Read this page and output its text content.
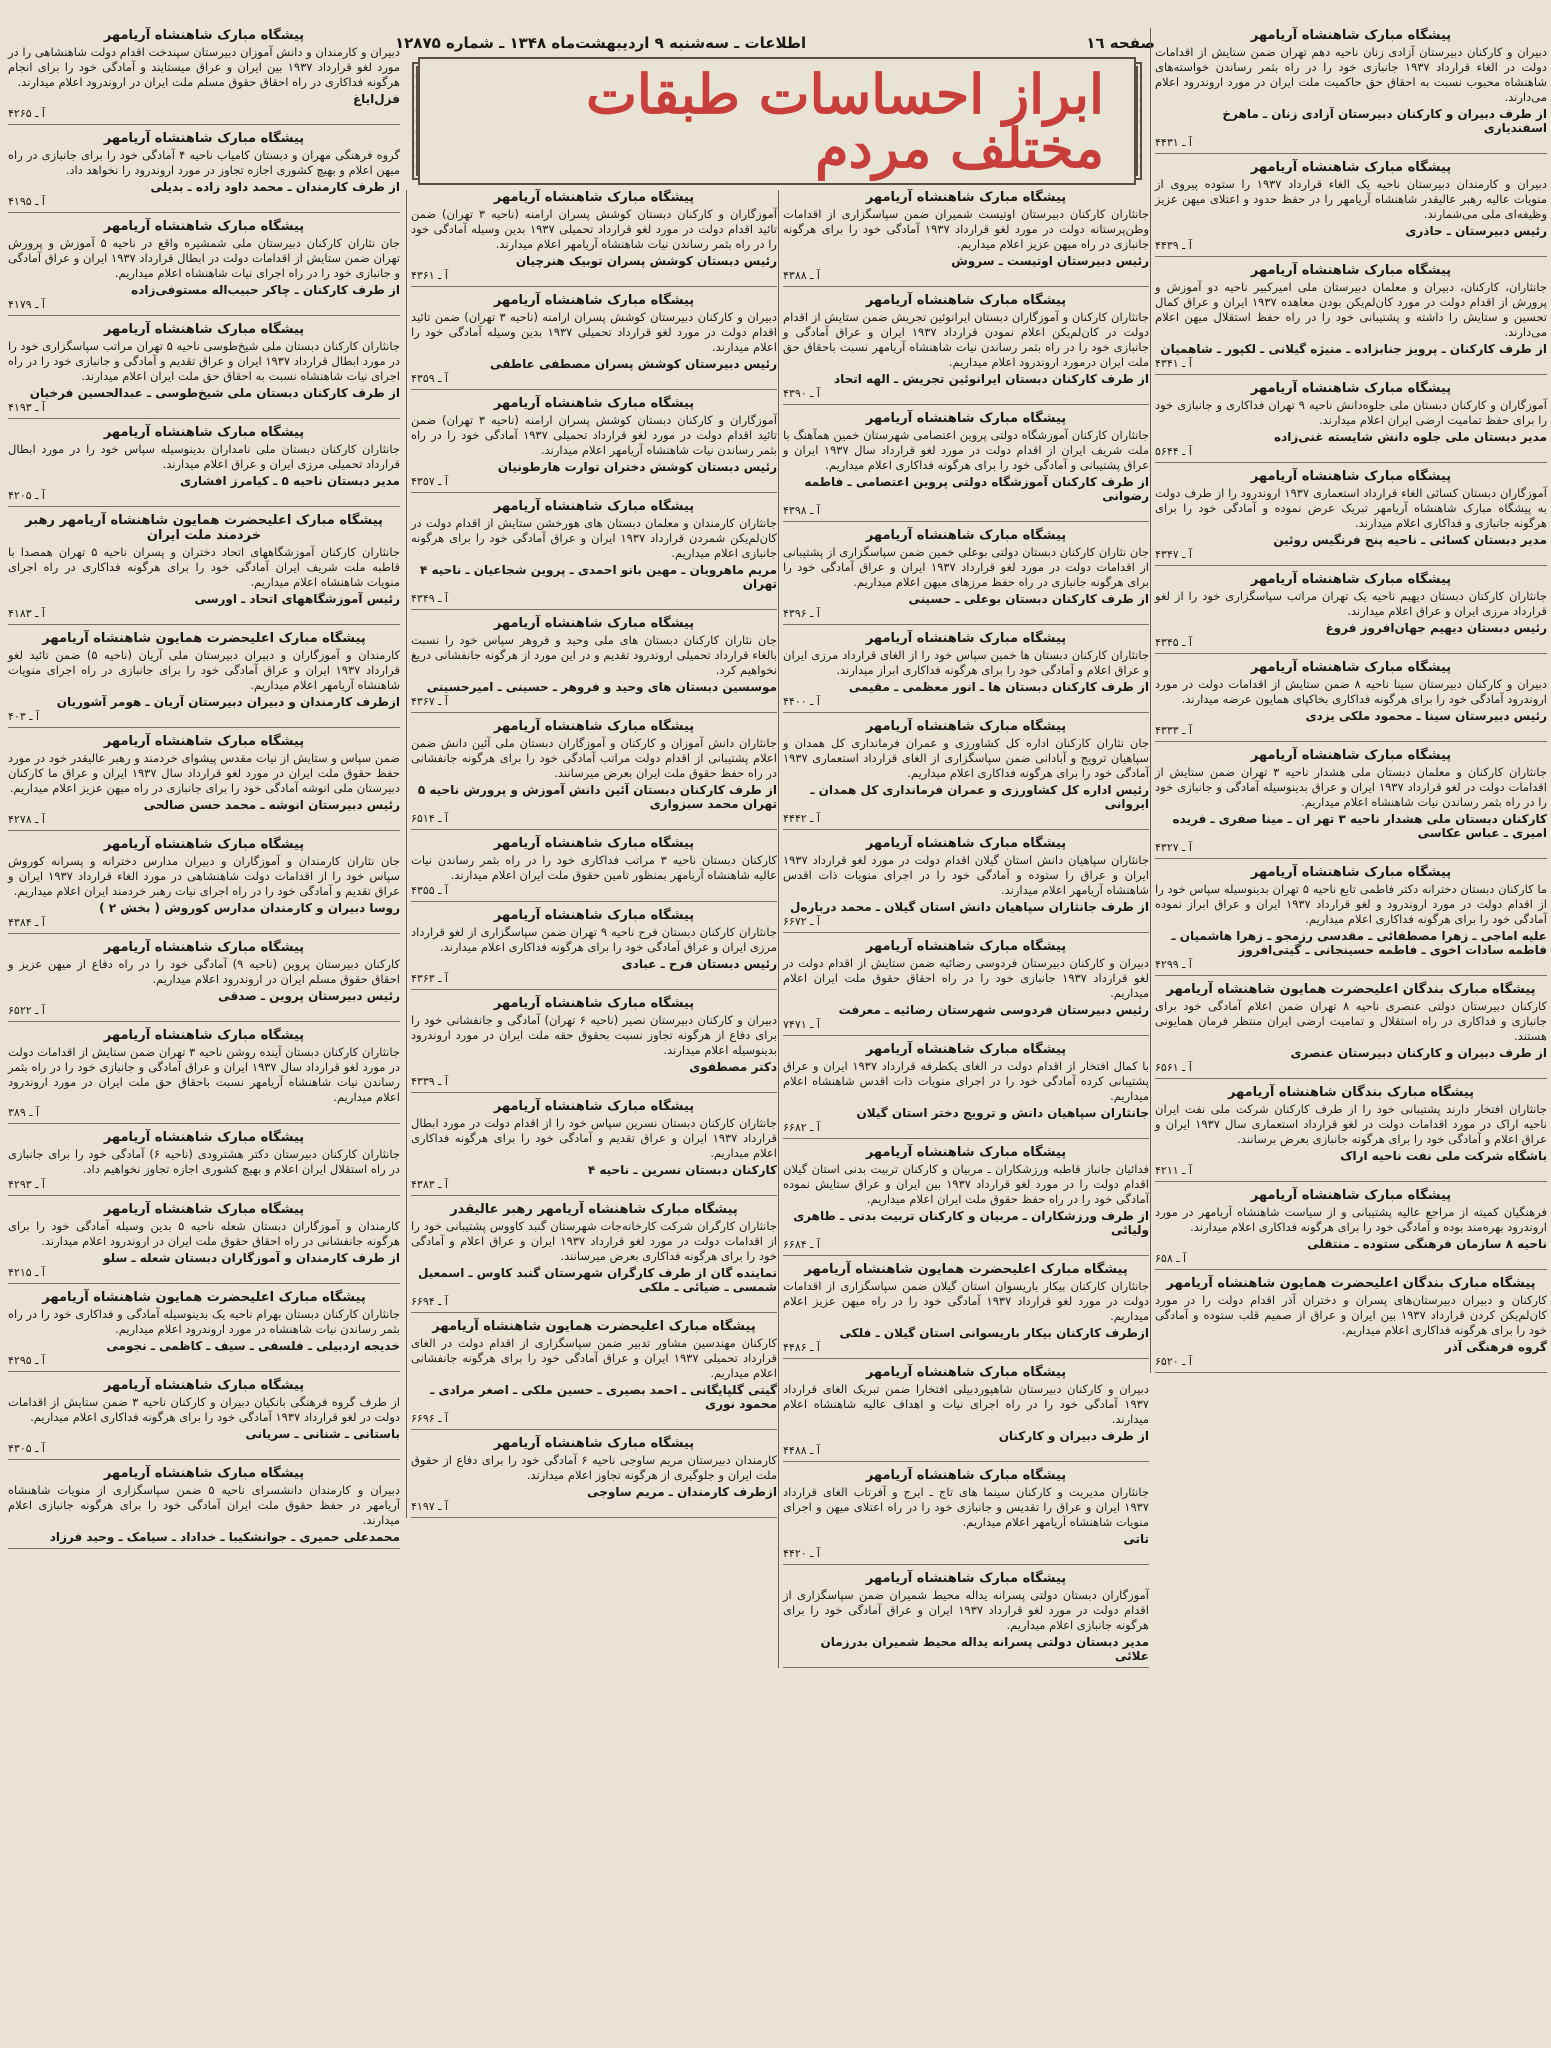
صفحه ١٦
اطلاعات ـ سه‌شنبه ۹ اردیبهشت‌ماه ۱۳۴۸ ـ شماره ۱۲۸۷۵
ابراز احساسات طبقات مختلف مردم

پیشگاه مبارک شاهنشاه آریامهر

دبیران و کارکنان دبیرستان آزادی زنان ناحیه دهم تهران ضمن ستایش از اقدامات دولت در الغاء قرارداد ۱۹۳۷ جانبازی خود را در راه بثمر رساندن خواسته‌های شاهنشاه محبوب نسبت به احقاق حق حاکمیت ملت ایران در مورد اروندرود اعلام می‌دارند.

از طرف دبیران و کارکنان دبیرستان آزادی زنان ـ ماهرخ اسفندیاری

آ ـ ۴۴۳۱

پیشگاه مبارک شاهنشاه آریامهر

دبیران و کارمندان دبیرستان ناحیه یک الغاء قرارداد ۱۹۳۷ را ستوده پیروی از منویات عالیه رهبر عالیقدر شاهنشاه آریامهر را در حفظ حدود و اعتلای میهن عزیز وظیفه‌ای ملی می‌شمارند.

رئیس دبیرستان ـ حاذری

آ ـ ۴۴۳۹

پیشگاه مبارک شاهنشاه آریامهر

جانثاران، کارکنان، دبیران و معلمان دبیرستان ملی امیرکبیر ناحیه دو آموزش و پرورش از اقدام دولت در مورد کان‌لم‌یکن بودن معاهده ۱۹۳۷ ایران و عراق کمال تحسین و ستایش را داشته و پشتیبانی خود را در راه حفظ استقلال میهن اعلام می‌دارند.

از طرف کارکنان ـ پرویز جنابزاده ـ منیژه گیلانی ـ لکپور ـ شاهمیان

آ ـ ۴۳۴۱

پیشگاه مبارک شاهنشاه آریامهر

آموزگاران و کارکنان دبستان ملی جلوه‌دانش ناحیه ۹ تهران فداکاری و جانبازی خود را برای حفظ تمامیت ارضی ایران اعلام میدارند.

مدیر دبستان ملی جلوه دانش شایسته غنی‌زاده

آ ـ ۵۶۴۴

پیشگاه مبارک شاهنشاه آریامهر

آموزگاران دبستان کسائی الغاء قرارداد استعماری ۱۹۳۷ اروندرود را از طرف دولت به پیشگاه مبارک شاهنشاه آریامهر تبریک عرض نموده و آمادگی خود را برای هرگونه جانبازی و فداکاری اعلام میدارند.

مدیر دبستان کسائی ـ ناحیه پنج فرنگیس روئین

آ ـ ۴۳۴۷

پیشگاه مبارک شاهنشاه آریامهر

جانثاران کارکنان دبستان دیهیم ناحیه یک تهران مراتب سپاسگزاری خود را از لغو قرارداد مرزی ایران و عراق اعلام میدارند.

رئیس دبستان دیهیم جهان‌افروز فروغ

آ ـ ۴۳۴۵

پیشگاه مبارک شاهنشاه آریامهر

دبیران و کارکنان دبیرستان سینا ناحیه ۸ ضمن ستایش از اقدامات دولت در مورد اروندرود آمادگی خود را برای هرگونه فداکاری بخاکپای همایون عرضه میدارند.

رئیس دبیرستان سینا ـ محمود ملکی یزدی

آ ـ ۴۳۳۳

پیشگاه مبارک شاهنشاه آریامهر

جانثاران کارکنان و معلمان دبستان ملی هشدار ناحیه ۳ تهران ضمن ستایش از اقدامات دولت در لغو قرارداد ۱۹۳۷ ایران و عراق بدینوسیله آمادگی و جانبازی خود را در راه بثمر رساندن نیات شاهنشاه اعلام میداریم.

کارکنان دبستان ملی هشدار ناحیه ۳ تهر ان ـ مینا صفری ـ فریده امیری ـ عباس عکاسی

آ ـ ۴۳۲۷

پیشگاه مبارک شاهنشاه آریامهر

ما کارکنان دبستان دخترانه دکتر فاطمی تابع ناحیه ۵ تهران بدینوسیله سپاس خود را از اقدام دولت در مورد اروندرود و لغو قرارداد ۱۹۳۷ ایران و عراق ابراز نموده آمادگی خود را برای هرگونه فداکاری اعلام میداریم.

علیه اماجی ـ زهرا مصطفائی ـ مقدسی رزمجو ـ زهرا هاشمیان ـ فاطمه سادات اخوی ـ فاطمه حسینجانی ـ گیتی‌افروز

آ ـ ۴۲۹۹

پیشگاه مبارک بندگان اعلیحضرت همایون شاهنشاه آریامهر

کارکنان دبیرستان دولتی عنصری ناحیه ۸ تهران ضمن اعلام آمادگی خود برای جانبازی و فداکاری در راه استقلال و تمامیت ارضی ایران منتظر فرمان همایونی هستند.

از طرف دبیران و کارکنان دبیرستان عنصری

آ ـ ۶۵۶۱

پیشگاه مبارک بندگان شاهنشاه آریامهر

جانثاران افتخار دارند پشتیبانی خود را از طرف کارکنان شرکت ملی نفت ایران ناحیه اراک در مورد اقدامات دولت در لغو قرارداد استعماری سال ۱۹۳۷ ایران و عراق اعلام و آمادگی خود را برای هرگونه جانبازی بعرض برسانند.

باشگاه شرکت ملی نفت ناحیه اراک

آ ـ ۴۲۱۱

پیشگاه مبارک شاهنشاه آریامهر

فرهنگیان کمیته از مراجع عالیه پشتیبانی و از سیاست شاهنشاه آریامهر در مورد اروندرود بهره‌مند بوده و آمادگی خود را برای هرگونه فداکاری اعلام میدارند.

ناحیه ۸ سازمان فرهنگی ستوده ـ منتقلی

آ ـ ۶۵۸

پیشگاه مبارک بندگان اعلیحضرت همایون شاهنشاه آریامهر

کارکنان و دبیران دبیرستان‌های پسران و دختران آذر اقدام دولت را در مورد کان‌لم‌یکن کردن قرارداد ۱۹۳۷ بین ایران و عراق از صمیم قلب ستوده و آمادگی خود را برای هرگونه فداکاری اعلام میداریم.

گروه فرهنگی آذر

آ ـ ۶۵۲۰

پیشگاه مبارک شاهنشاه آریامهر

جانثاران کارکنان دبیرستان اوتیست شمیران ضمن سپاسگزاری از اقدامات وطن‌پرستانه دولت در مورد لغو قرارداد ۱۹۳۷ آمادگی خود را برای هرگونه جانبازی در راه میهن عزیز اعلام میداریم.

رئیس دبیرستان اوتیست ـ سروش

آ ـ ۴۳۸۸

پیشگاه مبارک شاهنشاه آریامهر

جانثاران کارکنان و آموزگاران دبستان ایرانوئین تجریش ضمن ستایش از اقدام دولت در کان‌لم‌یکن اعلام نمودن قرارداد ۱۹۳۷ ایران و عراق آمادگی و جانبازی خود را در راه بثمر رساندن نیات شاهنشاه آریامهر نسبت باحقاق حق ملت ایران درمورد اروندرود اعلام میداریم.

از طرف کارکنان دبستان ایرانوئین تجریش ـ الهه اتحاد

آ ـ ۴۳۹۰

پیشگاه مبارک شاهنشاه آریامهر

جانثاران کارکنان آموزشگاه دولتی پروین اعتصامی شهرستان خمین همآهنگ با ملت شریف ایران از اقدام دولت در مورد لغو قرارداد سال ۱۹۳۷ ایران و عراق پشتیبانی و آمادگی خود را برای هرگونه فداکاری اعلام میداریم.

از طرف کارکنان آموزشگاه دولتی پروین اعتصامی ـ فاطمه رضوانی

آ ـ ۴۳۹۸

پیشگاه مبارک شاهنشاه آریامهر

جان نثاران کارکنان دبستان دولتی بوعلی خمین ضمن سپاسگزاری از پشتیبانی از اقدامات دولت در مورد لغو قرارداد ۱۹۳۷ ایران و عراق آمادگی خود را برای هرگونه جانبازی در راه حفظ مرزهای میهن اعلام میداریم.

از طرف کارکنان دبستان بوعلی ـ حسینی

آ ـ ۴۳۹۶

پیشگاه مبارک شاهنشاه آریامهر

جانثاران کارکنان دبستان ها خمین سپاس خود را از الغای قرارداد مرزی ایران و عراق اعلام و آمادگی خود را برای هرگونه فداکاری ابراز میدارند.

از طرف کارکنان دبستان ها ـ انور معظمی ـ مقیمی

آ ـ ۴۴۰۰

پیشگاه مبارک شاهنشاه آریامهر

جان نثاران کارکنان اداره کل کشاورزی و عمران فرمانداری کل همدان و سپاهیان ترویج و آبادانی ضمن سپاسگزاری از الغای قرارداد استعماری ۱۹۳۷ آمادگی خود را برای هرگونه فداکاری اعلام میداریم.

رئیس اداره کل کشاورزی و عمران فرمانداری کل همدان ـ ایروانی

آ ـ ۴۴۴۲

پیشگاه مبارک شاهنشاه آریامهر

جانثاران سپاهیان دانش استان گیلان اقدام دولت در مورد لغو قرارداد ۱۹۳۷ ایران و عراق را ستوده و آمادگی خود را در اجرای منویات ذات اقدس شاهنشاه آریامهر اعلام میدارند.

از طرف جانثاران سپاهیان دانش استان گیلان ـ محمد درباره‌ل

آ ـ ۶۶۷۲

پیشگاه مبارک شاهنشاه آریامهر

دبیران و کارکنان دبیرستان فردوسی رضائیه ضمن ستایش از اقدام دولت در لغو قرارداد ۱۹۳۷ جانبازی خود را در راه احقاق حقوق ملت ایران اعلام میداریم.

رئیس دبیرستان فردوسی شهرستان رضائیه ـ معرفت

آ ـ ۷۴۷۱

پیشگاه مبارک شاهنشاه آریامهر

با کمال افتخار از اقدام دولت در الغای یکطرفه قرارداد ۱۹۳۷ ایران و عراق پشتیبانی کرده آمادگی خود را در اجرای منویات ذات اقدس شاهنشاه اعلام میداریم.

جانثاران سپاهیان دانش و ترویج دختر استان گیلان

آ ـ ۶۶۸۲

پیشگاه مبارک شاهنشاه آریامهر

فدائیان جانباز قاطبه ورزشکاران ـ مربیان و کارکنان تربیت بدنی استان گیلان اقدام دولت را در مورد لغو قرارداد ۱۹۳۷ بین ایران و عراق ستایش نموده آمادگی خود را در راه حفظ حقوق ملت ایران اعلام میداریم.

از طرف ورزشکاران ـ مربیان و کارکنان تربیت بدنی ـ طاهری ولیائی

آ ـ ۶۶۸۴

پیشگاه مبارک اعلیحضرت همایون شاهنشاه آریامهر

جانثاران کارکنان بیکار باریسوان استان گیلان ضمن سپاسگزاری از اقدامات دولت در مورد لغو قرارداد ۱۹۳۷ آمادگی خود را در راه میهن عزیز اعلام میداریم.

ازطرف کارکنان بیکار باریسوانی استان گیلان ـ فلکی

آ ـ ۴۴۸۶

پیشگاه مبارک شاهنشاه آریامهر

دبیران و کارکنان دبیرستان شاهپوردبیلی افتخارا ضمن تبریک الغای قرارداد ۱۹۳۷ آمادگی خود را در راه اجرای نیات و اهداف عالیه شاهنشاه اعلام میدارند.

از طرف دبیران و کارکنان

آ ـ ۴۴۸۸

پیشگاه مبارک شاهنشاه آریامهر

جانثاران مدیریت و کارکنان سینما های تاج ـ ایرج و آفرتاب الغای قرارداد ۱۹۳۷ ایران و عراق را تقدیس و جانبازی خود را در راه اعتلای میهن و اجرای منویات شاهنشاه آریامهر اعلام میداریم.

تاتی

آ ـ ۴۴۲۰

پیشگاه مبارک شاهنشاه آریامهر

آموزگاران دبستان دولتی پسرانه یداله محیط شمیران ضمن سپاسگزاری از اقدام دولت در مورد لغو قرارداد ۱۹۳۷ ایران و عراق آمادگی خود را برای هرگونه جانبازی اعلام میداریم.

مدیر دبستان دولتی پسرانه یداله محیط شمیران بدرزمان علائی

پیشگاه مبارک شاهنشاه آریامهر

آموزگاران و کارکنان دبستان کوشش پسران ارامنه (ناحیه ۳ تهران) ضمن تائید اقدام دولت در مورد لغو قرارداد تحمیلی ۱۹۳۷ بدین وسیله آمادگی خود را در راه بثمر رساندن نیات شاهنشاه آریامهر اعلام میدارند.

رئیس دبستان کوشش پسران توبیک هنرچیان

آ ـ ۴۳۶۱

پیشگاه مبارک شاهنشاه آریامهر

دبیران و کارکنان دبیرستان کوشش پسران ارامنه (ناحیه ۳ تهران) ضمن تائید اقدام دولت در مورد لغو قرارداد تحمیلی ۱۹۳۷ بدین وسیله آمادگی خود را اعلام میدارند.

رئیس دبیرستان کوشش پسران مصطفی عاطفی

آ ـ ۴۳۵۹

پیشگاه مبارک شاهنشاه آریامهر

آموزگاران و کارکنان دبستان کوشش پسران ارامنه (ناحیه ۳ تهران) ضمن تائید اقدام دولت در مورد لغو قرارداد تحمیلی ۱۹۳۷ آمادگی خود را در راه بثمر رساندن نیات شاهنشاه آریامهر اعلام میدارند.

رئیس دبستان کوشش دختران توارت هارطونیان

آ ـ ۴۳۵۷

پیشگاه مبارک شاهنشاه آریامهر

جانثاران کارمندان و معلمان دبستان های هورخشن ستایش از اقدام دولت در کان‌لم‌یکن شمردن قرارداد ۱۹۳۷ ایران و عراق آمادگی خود را برای هرگونه جانبازی اعلام میداریم.

مریم ماهرویان ـ مهین بانو احمدی ـ پروین شجاعیان ـ ناحیه ۴ تهران

آ ـ ۴۳۴۹

پیشگاه مبارک شاهنشاه آریامهر

جان نثاران کارکنان دبستان های ملی وحید و فروهر سپاس خود را نسبت بالغاء قرارداد تحمیلی اروندرود تقدیم و در این مورد از هرگونه جانفشانی دریغ نخواهیم کرد.

موسسین دبستان های وحید و فروهر ـ حسینی ـ امیرحسینی

آ ـ ۴۳۶۷

پیشگاه مبارک شاهنشاه آریامهر

جانثاران دانش آموزان و کارکنان و آموزگاران دبستان ملی آئین دانش ضمن اعلام پشتیبانی از اقدام دولت مراتب آمادگی خود را برای هرگونه جانفشانی در راه حفظ حقوق ملت ایران بعرض میرسانند.

از طرف کارکنان دبستان آئین دانش آموزش و پرورش ناحیه ۵ تهران محمد سبزواری

آ ـ ۶۵۱۴

پیشگاه مبارک شاهنشاه آریامهر

کارکنان دبستان ناحیه ۳ مراتب فداکاری خود را در راه بثمر رساندن نیات عالیه شاهنشاه آریامهر بمنظور تامین حقوق ملت ایران اعلام میدارند.

آ ـ ۴۳۵۵

پیشگاه مبارک شاهنشاه آریامهر

جانثاران کارکنان دبستان فرح ناحیه ۹ تهران ضمن سپاسگزاری از لغو قرارداد مرزی ایران و عراق آمادگی خود را برای هرگونه فداکاری اعلام میدارند.

رئیس دبستان فرح ـ عبادی

آ ـ ۴۳۶۳

پیشگاه مبارک شاهنشاه آریامهر

دبیران و کارکنان دبیرستان نصیر (ناحیه ۶ تهران) آمادگی و جانفشانی خود را برای دفاع از هرگونه تجاوز نسبت بحقوق حقه ملت ایران در مورد اروندرود بدینوسیله اعلام میدارند.

دکتر مصطفوی

آ ـ ۴۳۳۹

پیشگاه مبارک شاهنشاه آریامهر

جانثاران کارکنان دبستان نسرین سپاس خود را از اقدام دولت در مورد ابطال قرارداد ۱۹۳۷ ایران و عراق تقدیم و آمادگی خود را برای هرگونه فداکاری اعلام میداریم.

کارکنان دبستان نسرین ـ ناحیه ۴

آ ـ ۴۳۸۳

پیشگاه مبارک شاهنشاه آریامهر رهبر عالیقدر

جانثاران کارگران شرکت کارخانه‌جات شهرستان گنبد کاووس پشتیبانی خود را از اقدامات دولت در مورد لغو قرارداد ۱۹۳۷ ایران و عراق اعلام و آمادگی خود را برای هرگونه فداکاری بعرض میرسانند.

نماینده گان از طرف کارگران شهرستان گنبد کاوس ـ اسمعیل شمسی ـ ضیائی ـ ملکی

آ ـ ۶۶۹۴

پیشگاه مبارک اعلیحضرت همایون شاهنشاه آریامهر

کارکنان مهندسین مشاور تدبیر ضمن سپاسگزاری از اقدام دولت در الغای قرارداد تحمیلی ۱۹۳۷ ایران و عراق آمادگی خود را برای هرگونه جانفشانی اعلام میداریم.

گیتی گلپایگانی ـ احمد بصیری ـ حسین ملکی ـ اصغر مرادی ـ محمود نوری

آ ـ ۶۶۹۶

پیشگاه مبارک شاهنشاه آریامهر

کارمندان دبیرستان مریم ساوجی ناحیه ۶ آمادگی خود را برای دفاع از حقوق ملت ایران و جلوگیری از هرگونه تجاوز اعلام میدارند.

ازطرف کارمندان ـ مریم ساوجی

آ ـ ۴۱۹۷

پیشگاه مبارک شاهنشاه آریامهر

دبیران و کارمندان و دانش آموزان دبیرستان سپندخت اقدام دولت شاهنشاهی را در مورد لغو قرارداد ۱۹۳۷ بین ایران و عراق میستایند و آمادگی خود را برای انجام هرگونه فداکاری در راه احقاق حقوق مسلم ملت ایران در اروندرود اعلام میدارند.

فزل‌ایاغ

آ ـ ۴۲۶۵

پیشگاه مبارک شاهنشاه آریامهر

گروه فرهنگی مهران و دبستان کامیاب ناحیه ۴ آمادگی خود را برای جانبازی در راه میهن اعلام و بهیچ کشوری اجازه تجاوز در مورد اروندرود را نخواهد داد.

از طرف کارمندان ـ محمد داود زاده ـ بدیلی

آ ـ ۴۱۹۵

پیشگاه مبارک شاهنشاه آریامهر

جان نثاران کارکنان دبیرستان ملی شمشیره واقع در ناحیه ۵ آموزش و پرورش تهران ضمن ستایش از اقدامات دولت در ابطال قرارداد ۱۹۳۷ ایران و عراق آمادگی و جانبازی خود را در راه اجرای نیات شاهنشاه اعلام میداریم.

از طرف کارکنان ـ چاکر حبیب‌اله مستوفی‌زاده

آ ـ ۴۱۷۹

پیشگاه مبارک شاهنشاه آریامهر

جانثاران کارکنان دبستان ملی شیخ‌طوسی ناحیه ۵ تهران مراتب سپاسگزاری خود را در مورد ابطال قرارداد ۱۹۳۷ ایران و عراق تقدیم و آمادگی و جانبازی خود را در راه اجرای نیات شاهنشاه نسبت به احقاق حق ملت ایران اعلام میدارند.

از طرف کارکنان دبستان ملی شیخ‌طوسی ـ عبدالحسین فرخیان

آ ـ ۴۱۹۳

پیشگاه مبارک شاهنشاه آریامهر

جانثاران کارکنان دبستان ملی نامداران بدینوسیله سپاس خود را در مورد ابطال قرارداد تحمیلی مرزی ایران و عراق اعلام میدارند.

مدیر دبستان ناحیه ۵ ـ کیامرز افشاری

آ ـ ۴۲۰۵

پیشگاه مبارک اعلیحضرت همایون شاهنشاه آریامهر رهبر خردمند ملت ایران

جانثاران کارکنان آموزشگاههای اتحاد دختران و پسران ناحیه ۵ تهران همصدا با قاطبه ملت شریف ایران آمادگی خود را برای هرگونه فداکاری در راه اجرای منویات شاهنشاه اعلام میداریم.

رئیس آموزشگاههای اتحاد ـ اورسی

آ ـ ۴۱۸۳

پیشگاه مبارک اعلیحضرت همایون شاهنشاه آریامهر

کارمندان و آموزگاران و دبیران دبیرستان ملی آریان (ناحیه ۵) ضمن تائید لغو قرارداد ۱۹۳۷ ایران و عراق آمادگی خود را برای جانبازی در راه اجرای منویات شاهنشاه آریامهر اعلام میداریم.

ازطرف کارمندان و دبیران دبیرستان آریان ـ هومر آشوریان

آ ـ ۴۰۳

پیشگاه مبارک شاهنشاه آریامهر

ضمن سپاس و ستایش از نیات مقدس پیشوای خردمند و رهبر عالیقدر خود در مورد حفظ حقوق ملت ایران در مورد لغو قرارداد سال ۱۹۳۷ ایران و عراق ما کارکنان دبیرستان ملی انوشه آمادگی خود را برای جانبازی در راه میهن عزیز اعلام میداریم.

رئیس دبیرستان انوشه ـ محمد حسن صالحی

آ ـ ۴۲۷۸

پیشگاه مبارک شاهنشاه آریامهر

جان نثاران کارمندان و آموزگاران و دبیران مدارس دخترانه و پسرانه کوروش سپاس خود را از اقدامات دولت شاهنشاهی در مورد الغاء قرارداد ۱۹۳۷ ایران و عراق تقدیم و آمادگی خود را در راه اجرای نیات رهبر خردمند ایران اعلام میداریم.

روسا دبیران و کارمندان مدارس کوروش ( بخش ۲ )

آ ـ ۴۳۸۴

پیشگاه مبارک شاهنشاه آریامهر

کارکنان دبیرستان پروین (ناحیه ۹) آمادگی خود را در راه دفاع از میهن عزیز و احقاق حقوق مسلم ایران در اروندرود اعلام میداریم.

رئیس دبیرستان پروین ـ صدقی

آ ـ ۶۵۲۲

پیشگاه مبارک شاهنشاه آریامهر

جانثاران کارکنان دبستان آینده روشن ناحیه ۳ تهران ضمن ستایش از اقدامات دولت در مورد لغو قرارداد سال ۱۹۳۷ ایران و عراق آمادگی و جانبازی خود را در راه بثمر رساندن نیات شاهنشاه آریامهر نسبت باحقاق حق ملت ایران در مورد اروندرود اعلام میداریم.

آ ـ ۳۸۹

پیشگاه مبارک شاهنشاه آریامهر

جانثاران کارکنان دبیرستان دکتر هشترودی (ناحیه ۶) آمادگی خود را برای جانبازی در راه استقلال ایران اعلام و بهیچ کشوری اجازه تجاوز نخواهیم داد.

آ ـ ۴۲۹۳

پیشگاه مبارک شاهنشاه آریامهر

کارمندان و آموزگاران دبستان شعله ناحیه ۵ بدین وسیله آمادگی خود را برای هرگونه جانفشانی در راه احقاق حقوق ملت ایران در اروندرود اعلام میدارند.

از طرف کارمندان و آموزگاران دبستان شعله ـ سلو

آ ـ ۴۲۱۵

پیشگاه مبارک اعلیحضرت همایون شاهنشاه آریامهر

جانثاران کارکنان دبستان بهرام ناحیه یک بدینوسیله آمادگی و فداکاری خود را در راه بثمر رساندن نیات شاهنشاه در مورد اروندرود اعلام میداریم.

خدیجه اردبیلی ـ فلسفی ـ سیف ـ کاظمی ـ نجومی

آ ـ ۴۲۹۵

پیشگاه مبارک شاهنشاه آریامهر

از طرف گروه فرهنگی بانکیان دبیران و کارکنان ناحیه ۳ ضمن ستایش از اقدامات دولت در لغو قرارداد ۱۹۳۷ آمادگی خود را برای هرگونه فداکاری اعلام میداریم.

باستانی ـ شنانی ـ سریانی

آ ـ ۴۳۰۵

پیشگاه مبارک شاهنشاه آریامهر

دبیران و کارمندان دانشسرای ناحیه ۵ ضمن سپاسگزاری از منویات شاهنشاه آریامهر در حفظ حقوق ملت ایران آمادگی خود را برای هرگونه جانبازی اعلام میدارند.

محمدعلی حمیری ـ جوانشکیبا ـ خداداد ـ سیامک ـ وحید فرزاد
